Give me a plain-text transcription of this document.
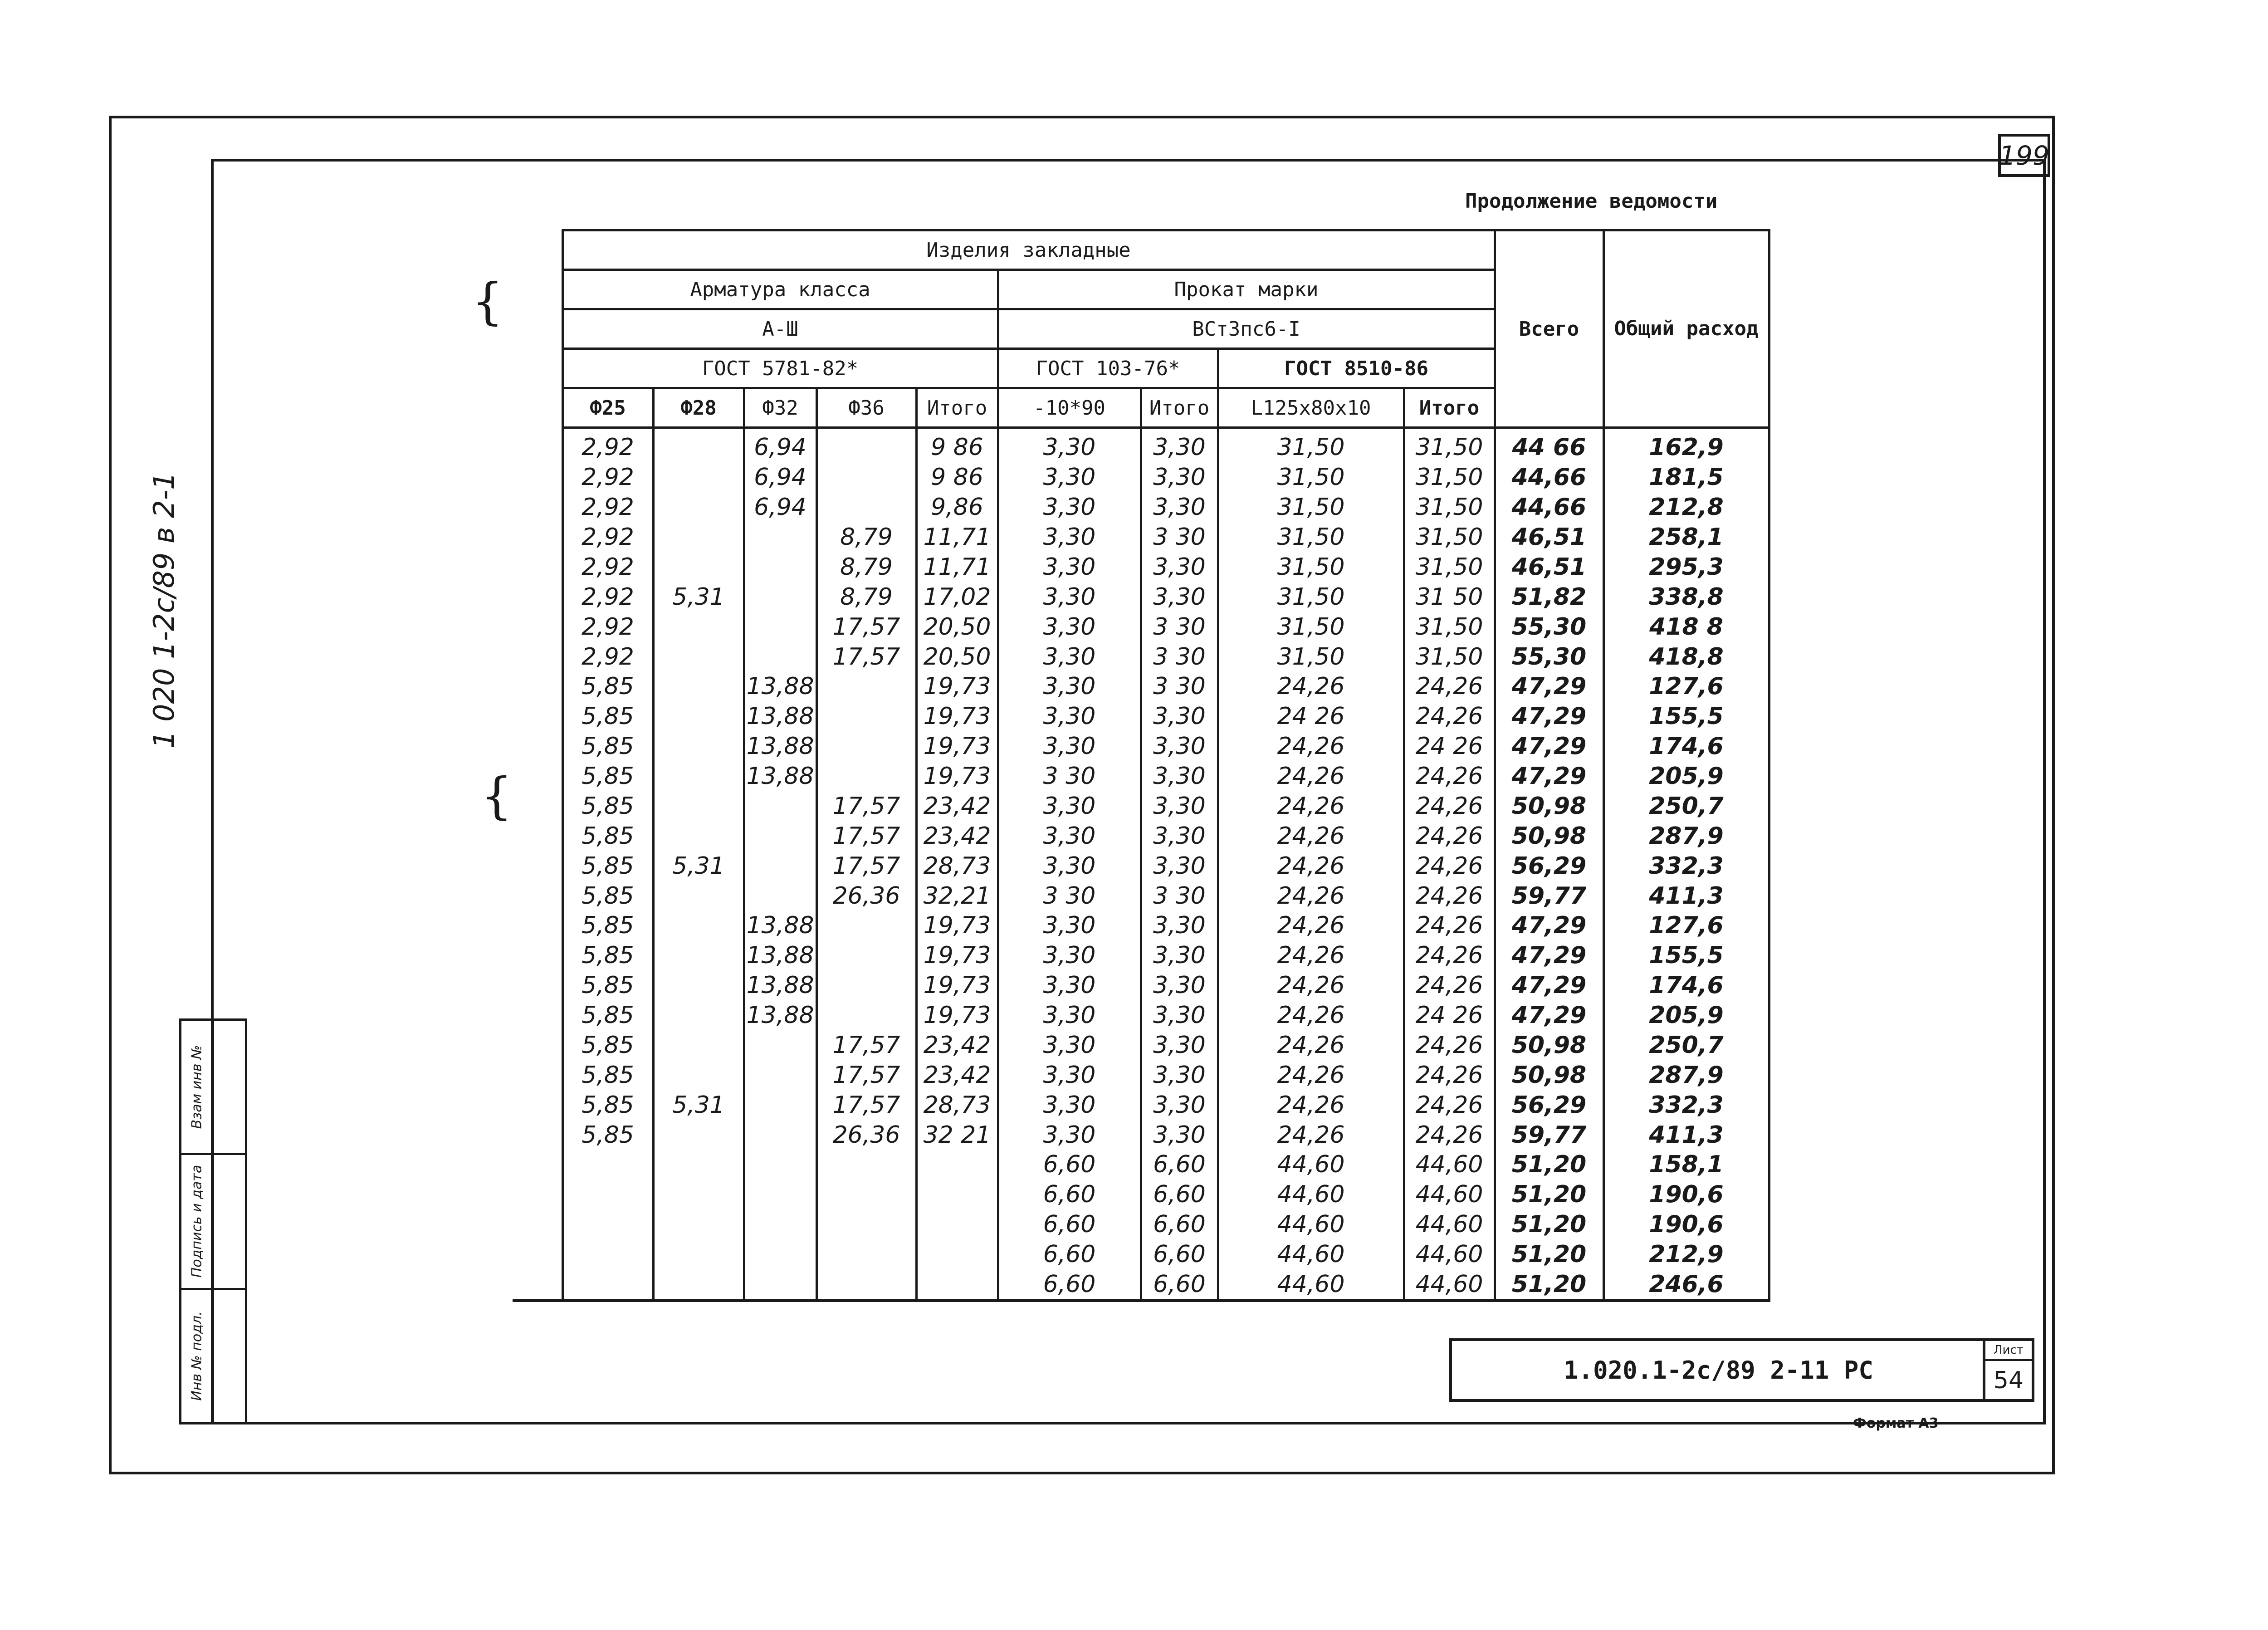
199
Продолжение ведомости
1 020 1-2с/89 в 2-1
Взам инв №
Подпись и дата
Инв № подл.
{
{
	Изделия закладные									Всего	Общий расход
	Арматура класса					Прокат марки					
	А-Ш					ВСт3пс6-I					
	ГОСТ 5781-82*					ГОСТ 103-76*		ГОСТ 8510-86			
	Ф25	Ф28	Ф32	Ф36	Итого	-10*90	Итого	L125х80х10	Итого		
	2,92		6,94		9 86	3,30	3,30	31,50	31,50	44 66	162,9
	2,92		6,94		9 86	3,30	3,30	31,50	31,50	44,66	181,5
	2,92		6,94		9,86	3,30	3,30	31,50	31,50	44,66	212,8
	2,92			8,79	11,71	3,30	3 30	31,50	31,50	46,51	258,1
	2,92			8,79	11,71	3,30	3,30	31,50	31,50	46,51	295,3
	2,92	5,31		8,79	17,02	3,30	3,30	31,50	31 50	51,82	338,8
	2,92			17,57	20,50	3,30	3 30	31,50	31,50	55,30	418 8
	2,92			17,57	20,50	3,30	3 30	31,50	31,50	55,30	418,8
	5,85		13,88		19,73	3,30	3 30	24,26	24,26	47,29	127,6
	5,85		13,88		19,73	3,30	3,30	24 26	24,26	47,29	155,5
	5,85		13,88		19,73	3,30	3,30	24,26	24 26	47,29	174,6
	5,85		13,88		19,73	3 30	3,30	24,26	24,26	47,29	205,9
	5,85			17,57	23,42	3,30	3,30	24,26	24,26	50,98	250,7
	5,85			17,57	23,42	3,30	3,30	24,26	24,26	50,98	287,9
	5,85	5,31		17,57	28,73	3,30	3,30	24,26	24,26	56,29	332,3
	5,85			26,36	32,21	3 30	3 30	24,26	24,26	59,77	411,3
	5,85		13,88		19,73	3,30	3,30	24,26	24,26	47,29	127,6
	5,85		13,88		19,73	3,30	3,30	24,26	24,26	47,29	155,5
	5,85		13,88		19,73	3,30	3,30	24,26	24,26	47,29	174,6
	5,85		13,88		19,73	3,30	3,30	24,26	24 26	47,29	205,9
	5,85			17,57	23,42	3,30	3,30	24,26	24,26	50,98	250,7
	5,85			17,57	23,42	3,30	3,30	24,26	24,26	50,98	287,9
	5,85	5,31		17,57	28,73	3,30	3,30	24,26	24,26	56,29	332,3
	5,85			26,36	32 21	3,30	3,30	24,26	24,26	59,77	411,3
						6,60	6,60	44,60	44,60	51,20	158,1
						6,60	6,60	44,60	44,60	51,20	190,6
						6,60	6,60	44,60	44,60	51,20	190,6
						6,60	6,60	44,60	44,60	51,20	212,9
						6,60	6,60	44,60	44,60	51,20	246,6
1.020.1-2с/89 2-11 РС
Лист
54
Формат А3
